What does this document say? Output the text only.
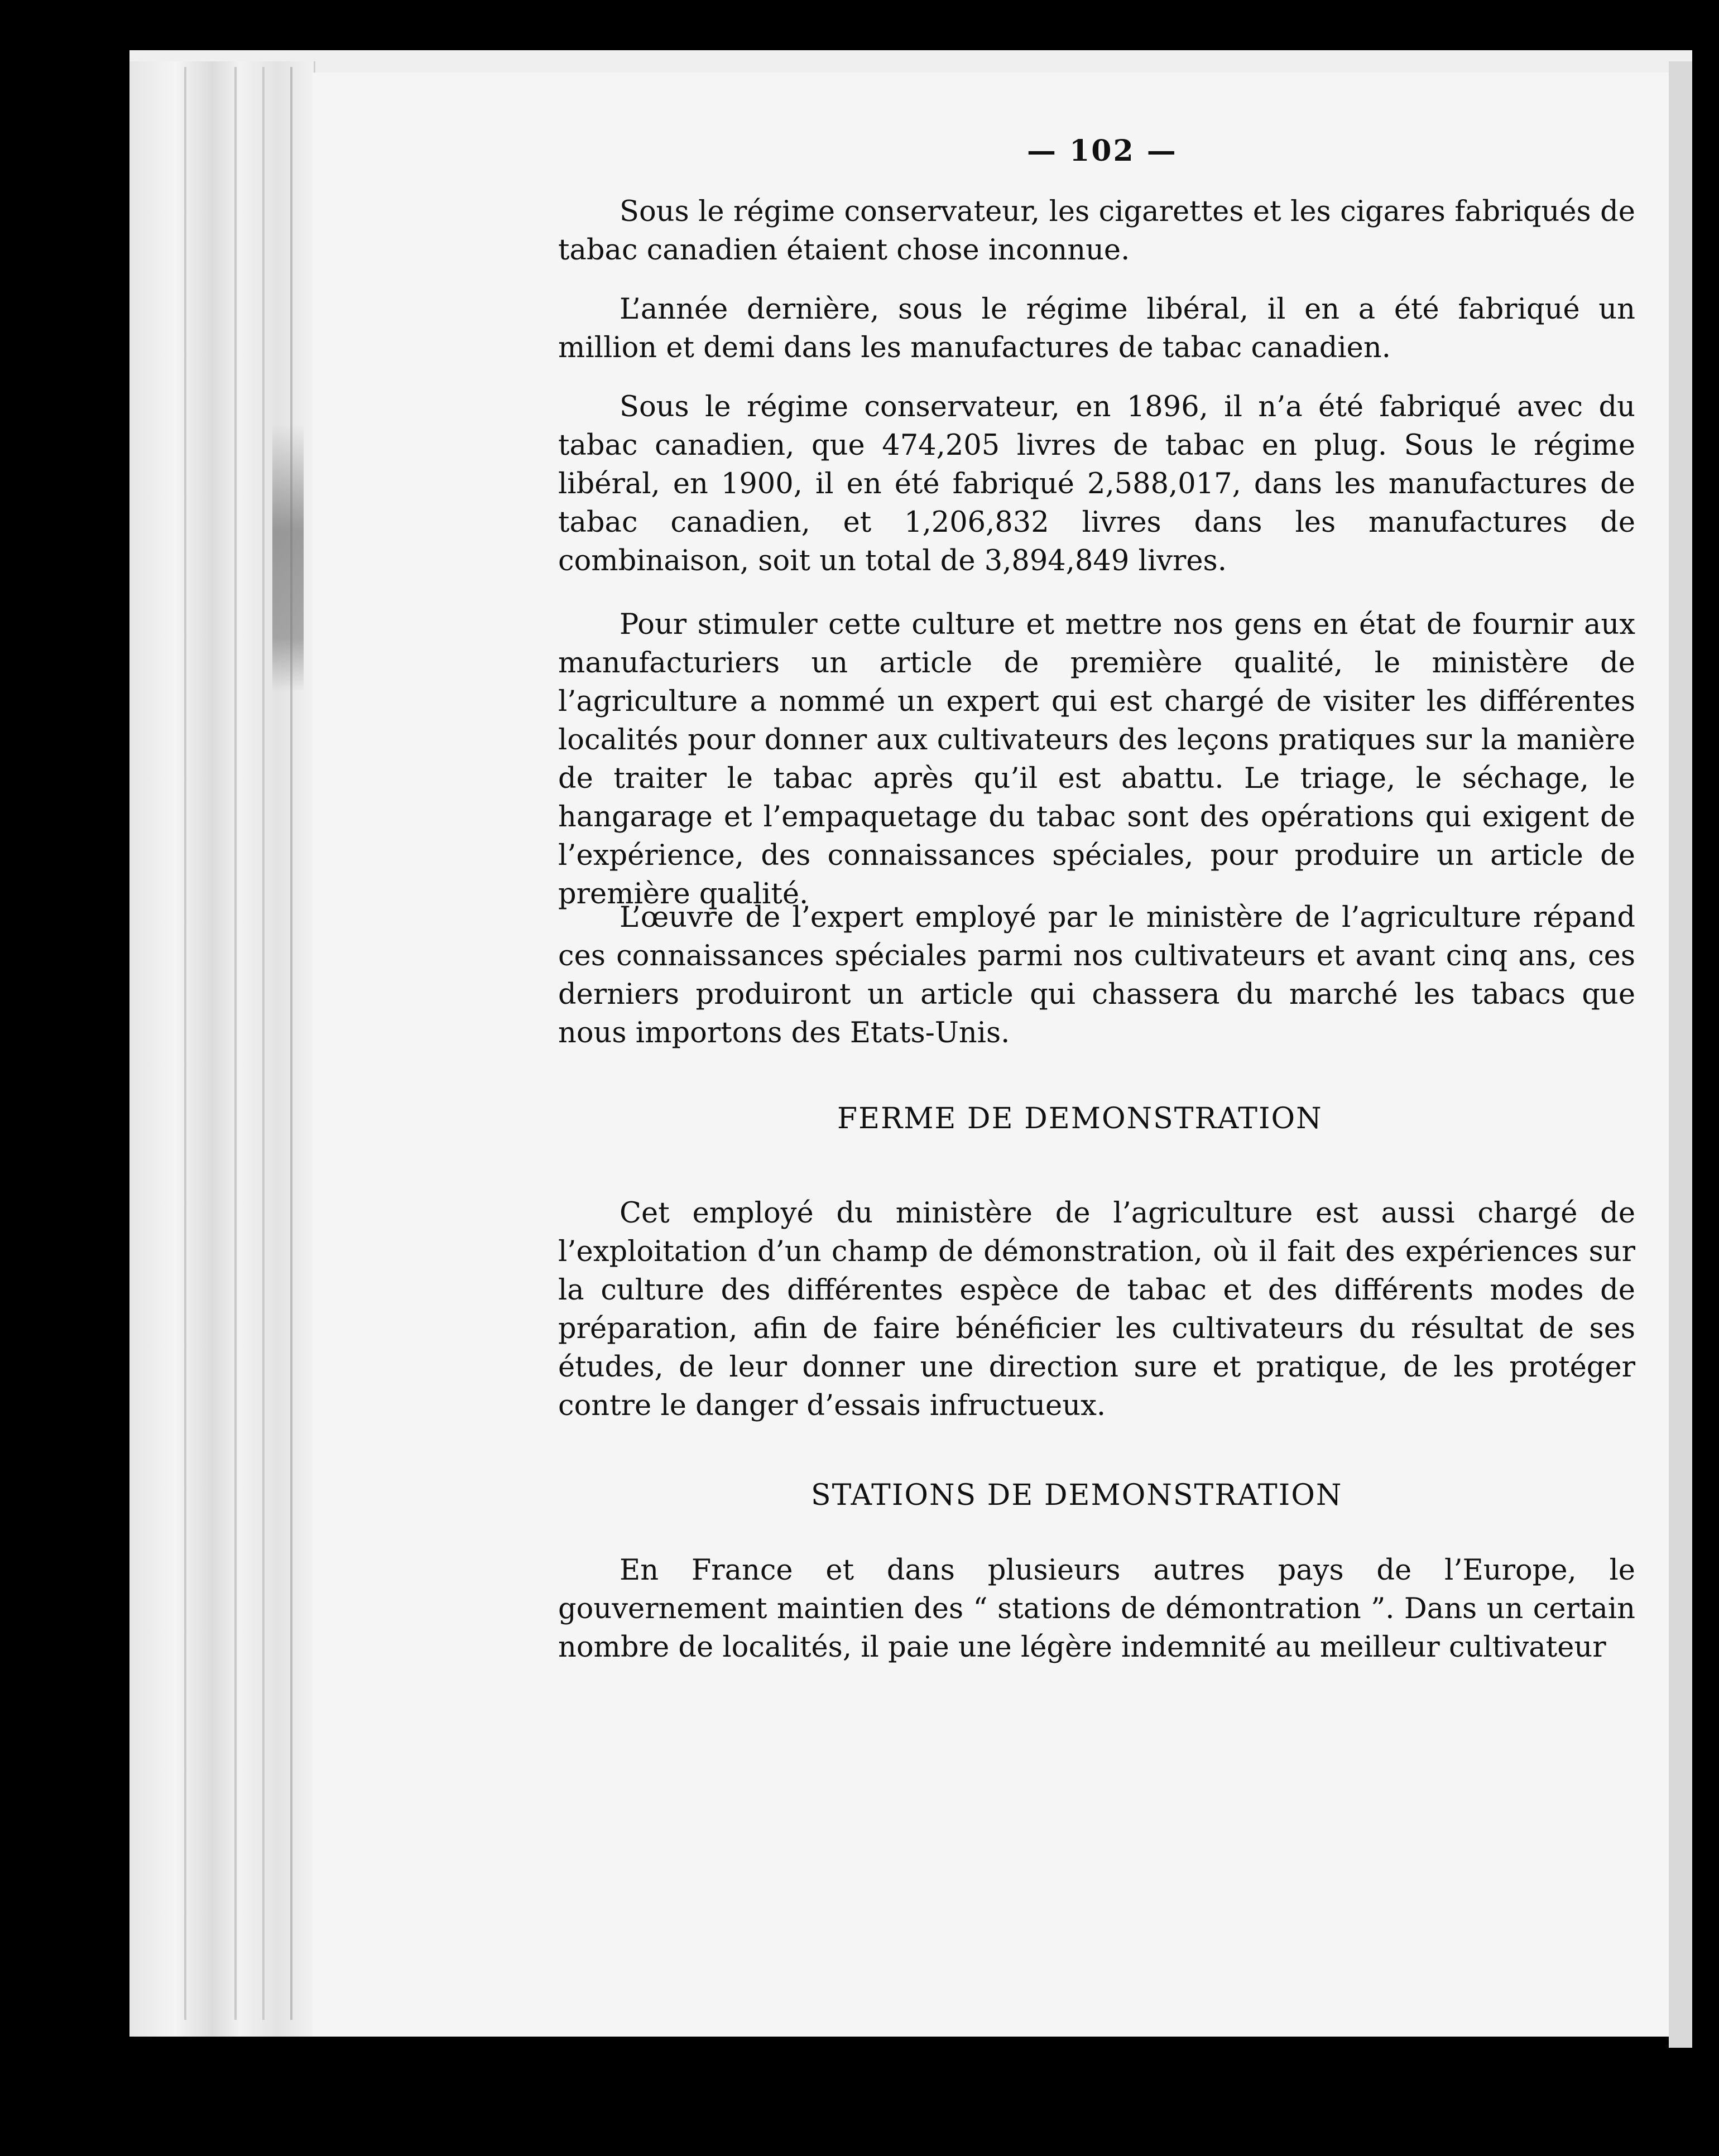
— 102 —

Sous le régime conservateur, les cigarettes et les cigares fabriqués de tabac canadien étaient chose inconnue.

L’année dernière, sous le régime libéral, il en a été fabriqué un million et demi dans les manufactures de tabac canadien.

Sous le régime conservateur, en 1896, il n’a été fabriqué avec du tabac canadien, que 474,205 livres de tabac en plug. Sous le régime libéral, en 1900, il en été fabriqué 2,588,017, dans les manufactures de tabac canadien, et 1,206,832 livres dans les manufactures de combinaison, soit un total de 3,894,849 livres.

Pour stimuler cette culture et mettre nos gens en état de fournir aux manufacturiers un article de première qualité, le ministère de l’agriculture a nommé un expert qui est chargé de visiter les différentes localités pour donner aux cultivateurs des leçons pratiques sur la manière de traiter le tabac après qu’il est abattu. Le triage, le séchage, le hangarage et l’empaquetage du tabac sont des opérations qui exigent de l’expérience, des connaissances spéciales, pour produire un article de première qualité.

L’œuvre de l’expert employé par le ministère de l’agriculture répand ces connaissances spéciales parmi nos cultivateurs et avant cinq ans, ces derniers produiront un article qui chassera du marché les tabacs que nous importons des Etats-Unis.

FERME DE DEMONSTRATION

Cet employé du ministère de l’agriculture est aussi chargé de l’exploitation d’un champ de démonstration, où il fait des expériences sur la culture des différentes espèce de tabac et des différents modes de préparation, afin de faire bénéficier les cultivateurs du résultat de ses études, de leur donner une direction sure et pratique, de les protéger contre le danger d’essais infructueux.

STATIONS DE DEMONSTRATION

En France et dans plusieurs autres pays de l’Europe, le gouvernement maintien des “ stations de démontration ”. Dans un certain nombre de localités, il paie une légère indemnité au meilleur cultivateur
